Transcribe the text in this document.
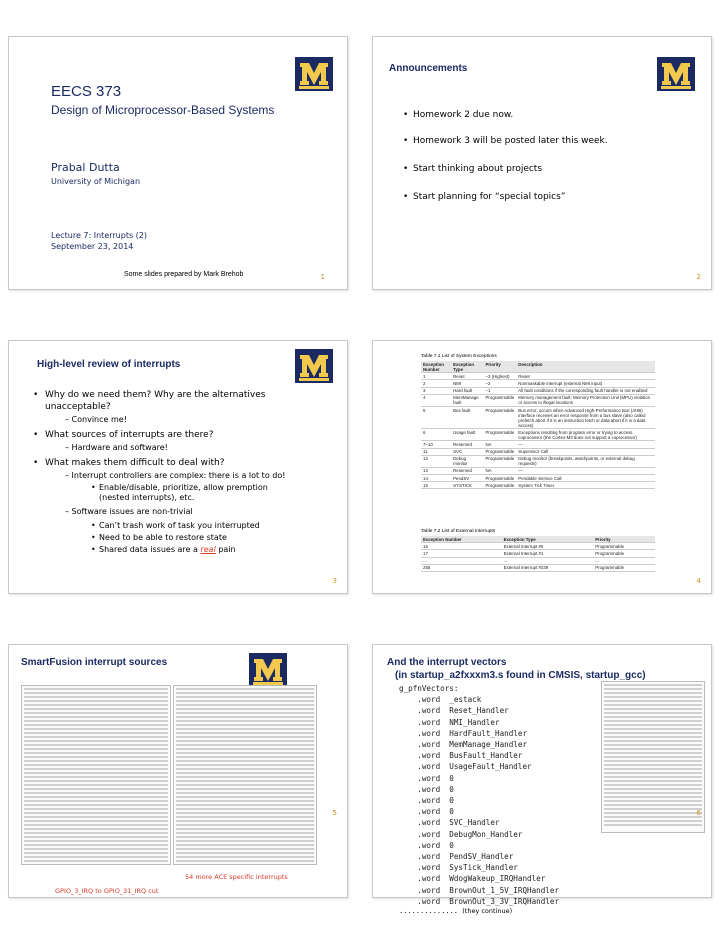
EECS 373
Design of Microprocessor-Based Systems
Prabal Dutta
University of Michigan
Lecture 7: Interrupts (2)
September 23, 2014
Some slides prepared by Mark Brehob	1
Announcements
• Homework 2 due now.
• Homework 3 will be posted later this week.
• Start thinking about projects
• Start planning for “special topics”
2
High-level review of interrupts
• Why do we need them? Why are the alternatives unacceptable?
– Convince me!
• What sources of interrupts are there?
– Hardware and software!
• What makes them difficult to deal with?
– Interrupt controllers are complex: there is a lot to do!
• Enable/disable, prioritize, allow premption (nested interrupts), etc.
– Software issues are non-trivial
• Can’t trash work of task you interrupted
• Need to be able to restore state
• Shared data issues are a real pain
3
Table 7.1 List of System Exceptions
Exception Number	Exception Type	Priority	Description
1	Reset	–3 (Highest)	Reset
2	NMI	–2	Nonmaskable interrupt (external NMI input)
3	Hard fault	–1	All fault conditions if the corresponding fault handler is not enabled
4	MemManage fault	Programmable	Memory management fault; Memory Protection Unit (MPU) violation or access to illegal locations
5	Bus fault	Programmable	Bus error; occurs when Advanced High-Performance Bus (AHB) interface receives an error response from a bus slave (also called prefetch abort if it is an instruction fetch or data abort if it is a data access)
6	Usage fault	Programmable	Exceptions resulting from program error or trying to access coprocessor (the Cortex-M3 does not support a coprocessor)
7–10	Reserved	NA	—
11	SVC	Programmable	Supervisor Call
12	Debug monitor	Programmable	Debug monitor (breakpoints, watchpoints, or external debug requests)
13	Reserved	NA	—
14	PendSV	Programmable	Pendable Service Call
15	SYSTICK	Programmable	System Tick Timer
Table 7.2 List of External Interrupts
Exception Number	Exception Type	Priority
16	External Interrupt #0	Programmable
17	External Interrupt #1	Programmable
...	...	...
255	External Interrupt #239	Programmable
4
SmartFusion interrupt sources
54 more ACE specific interrupts
GPIO_3_IRQ to GPIO_31_IRQ cut
5
And the interrupt vectors
(in startup_a2fxxxm3.s found in CMSIS, startup_gcc)
g_pfnVectors:
.word  _estack
.word  Reset_Handler
.word  NMI_Handler
.word  HardFault_Handler
.word  MemManage_Handler
.word  BusFault_Handler
.word  UsageFault_Handler
.word  0
.word  0
.word  0
.word  0
.word  SVC_Handler
.word  DebugMon_Handler
.word  0
.word  PendSV_Handler
.word  SysTick_Handler
.word  WdogWakeup_IRQHandler
.word  BrownOut_1_5V_IRQHandler
.word  BrownOut_3_3V_IRQHandler
.............. (they continue)
6
